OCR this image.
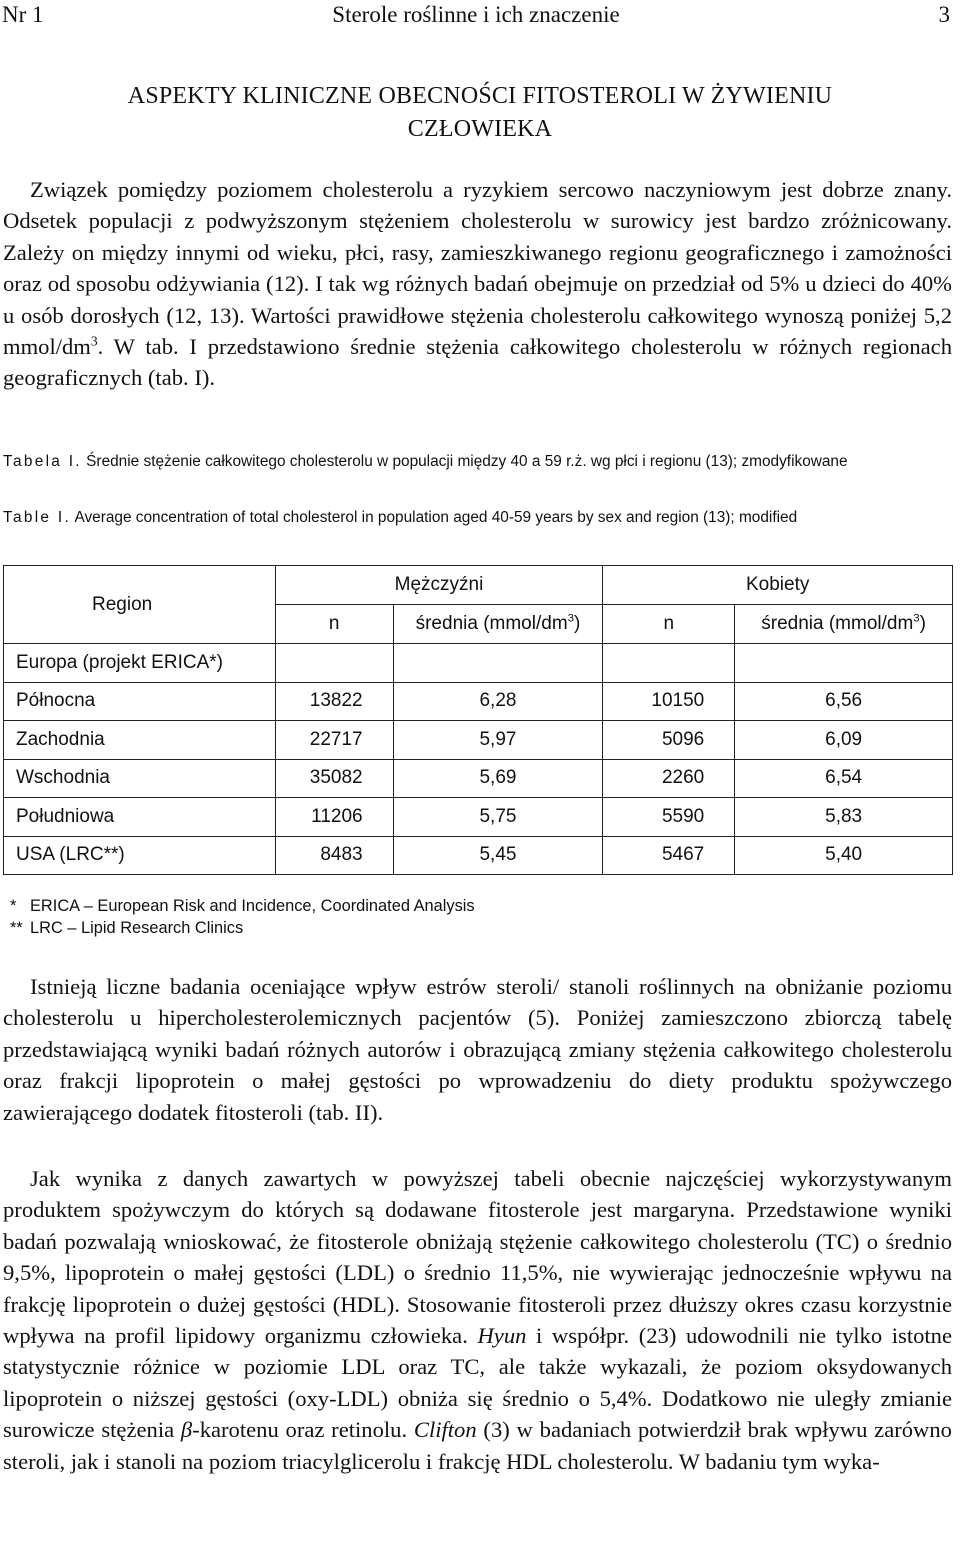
Nr 1	Sterole roślinne i ich znaczenie	3
ASPEKTY KLINICZNE OBECNOŚCI FITOSTEROLI W ŻYWIENIU
CZŁOWIEKA

Związek pomiędzy poziomem cholesterolu a ryzykiem sercowo naczyniowym jest dobrze znany. Odsetek populacji z podwyższonym stężeniem cholesterolu w surowicy jest bardzo zróżnicowany. Zależy on między innymi od wieku, płci, rasy, zamieszkiwanego regionu geograficznego i zamożności oraz od sposobu odżywiania (12). I tak wg różnych badań obejmuje on przedział od 5% u dzieci do 40% u osób dorosłych (12, 13). Wartości prawidłowe stężenia cholesterolu całkowitego wynoszą poniżej 5,2 mmol/$dm^3$. W tab. I przedstawiono średnie stężenia całkowitego cholesterolu w różnych regionach geograficznych (tab. I).

Tabela I. Średnie stężenie całkowitego cholesterolu w populacji między 40 a 59 r.ż. wg płci i regionu (13); zmodyfikowane

Table I. Average concentration of total cholesterol in population aged 40-59 years by sex and region (13); modified

Region	Mężczyźni		Kobiety	
	n	średnia $(mmol/dm^3)$	n	średnia $(mmol/dm^3)$
Europa (projekt ERICA*)				
Północna	13822	6,28	10150	6,56
Zachodnia	22717	5,97	5096	6,09
Wschodnia	35082	5,69	2260	6,54
Południowa	11206	5,75	5590	5,83
USA (LRC**)	8483	5,45	5467	5,40
* ERICA – European Risk and Incidence, Coordinated Analysis
** LRC – Lipid Research Clinics

Istnieją liczne badania oceniające wpływ estrów steroli/ stanoli roślinnych na obniżanie poziomu cholesterolu u hipercholesterolemicznych pacjentów (5). Poniżej zamieszczono zbiorczą tabelę przedstawiającą wyniki badań różnych autorów i obrazującą zmiany stężenia całkowitego cholesterolu oraz frakcji lipoprotein o małej gęstości po wprowadzeniu do diety produktu spożywczego zawierającego dodatek fitosteroli (tab. II).

Jak wynika z danych zawartych w powyższej tabeli obecnie najczęściej wykorzystywanym produktem spożywczym do których są dodawane fitosterole jest margaryna. Przedstawione wyniki badań pozwalają wnioskować, że fitosterole obniżają stężenie całkowitego cholesterolu (TC) o średnio 9,5%, lipoprotein o małej gęstości (LDL) o średnio 11,5%, nie wywierając jednocześnie wpływu na frakcję lipoprotein o dużej gęstości (HDL). Stosowanie fitosteroli przez dłuższy okres czasu korzystnie wpływa na profil lipidowy organizmu człowieka. Hyun i współpr. (23) udowodnili nie tylko istotne statystycznie różnice w poziomie LDL oraz TC, ale także wykazali, że poziom oksydowanych lipoprotein o niższej gęstości (oxy-LDL) obniża się średnio o 5,4%. Dodatkowo nie uległy zmianie surowicze stężenia β-karotenu oraz retinolu. Clifton (3) w badaniach potwierdził brak wpływu zarówno steroli, jak i stanoli na poziom triacylglicerolu i frakcję HDL cholesterolu. W badaniu tym wyka-
